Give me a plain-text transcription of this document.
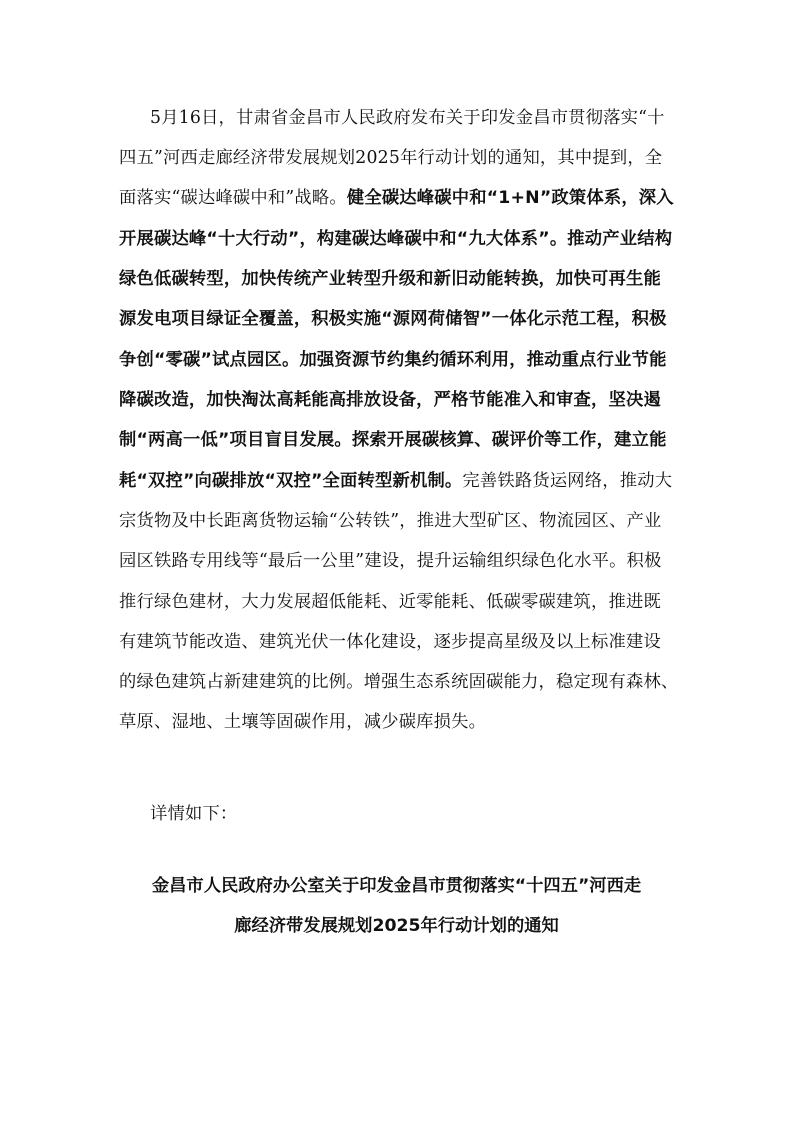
5月16日，甘肃省金昌市人民政府发布关于印发金昌市贯彻落实“十
四五”河西走廊经济带发展规划2025年行动计划的通知，其中提到，全
面落实“碳达峰碳中和”战略。健全碳达峰碳中和“1+N”政策体系，深入
开展碳达峰“十大行动”，构建碳达峰碳中和“九大体系”。推动产业结构
绿色低碳转型，加快传统产业转型升级和新旧动能转换，加快可再生能
源发电项目绿证全覆盖，积极实施“源网荷储智”一体化示范工程，积极
争创“零碳”试点园区。加强资源节约集约循环利用，推动重点行业节能
降碳改造，加快淘汰高耗能高排放设备，严格节能准入和审查，坚决遏
制“两高一低”项目盲目发展。探索开展碳核算、碳评价等工作，建立能
耗“双控”向碳排放“双控”全面转型新机制。完善铁路货运网络，推动大
宗货物及中长距离货物运输“公转铁”，推进大型矿区、物流园区、产业
园区铁路专用线等“最后一公里”建设，提升运输组织绿色化水平。积极
推行绿色建材，大力发展超低能耗、近零能耗、低碳零碳建筑，推进既
有建筑节能改造、建筑光伏一体化建设，逐步提高星级及以上标准建设
的绿色建筑占新建建筑的比例。增强生态系统固碳能力，稳定现有森林、
草原、湿地、土壤等固碳作用，减少碳库损失。
详情如下：
金昌市人民政府办公室关于印发金昌市贯彻落实“十四五”河西走
廊经济带发展规划2025年行动计划的通知
